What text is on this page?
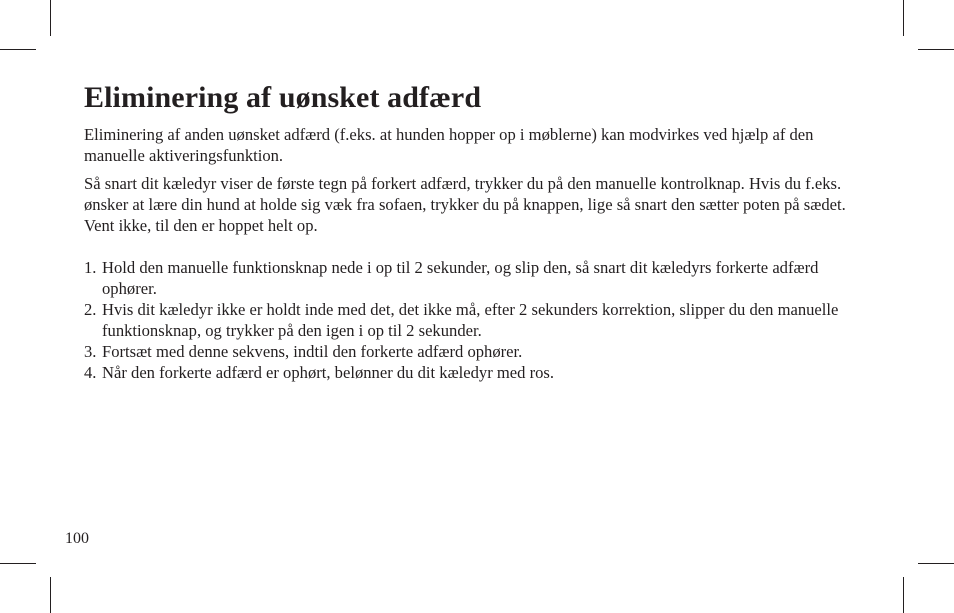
Eliminering af uønsket adfærd

Eliminering af anden uønsket adfærd (f.eks. at hunden hopper op i møblerne) kan modvirkes ved hjælp af den manuelle aktiveringsfunktion.

Så snart dit kæledyr viser de første tegn på forkert adfærd, trykker du på den manuelle kontrolknap. Hvis du f.eks. ønsker at lære din hund at holde sig væk fra sofaen, trykker du på knappen, lige så snart den sætter poten på sædet. Vent ikke, til den er hoppet helt op.

1. Hold den manuelle funktionsknap nede i op til 2 sekunder, og slip den, så snart dit kæledyrs forkerte adfærd ophører.
2. Hvis dit kæledyr ikke er holdt inde med det, det ikke må, efter 2 sekunders korrektion, slipper du den manuelle funktionsknap, og trykker på den igen i op til 2 sekunder.
3. Fortsæt med denne sekvens, indtil den forkerte adfærd ophører.
4. Når den forkerte adfærd er ophørt, belønner du dit kæledyr med ros.
100
